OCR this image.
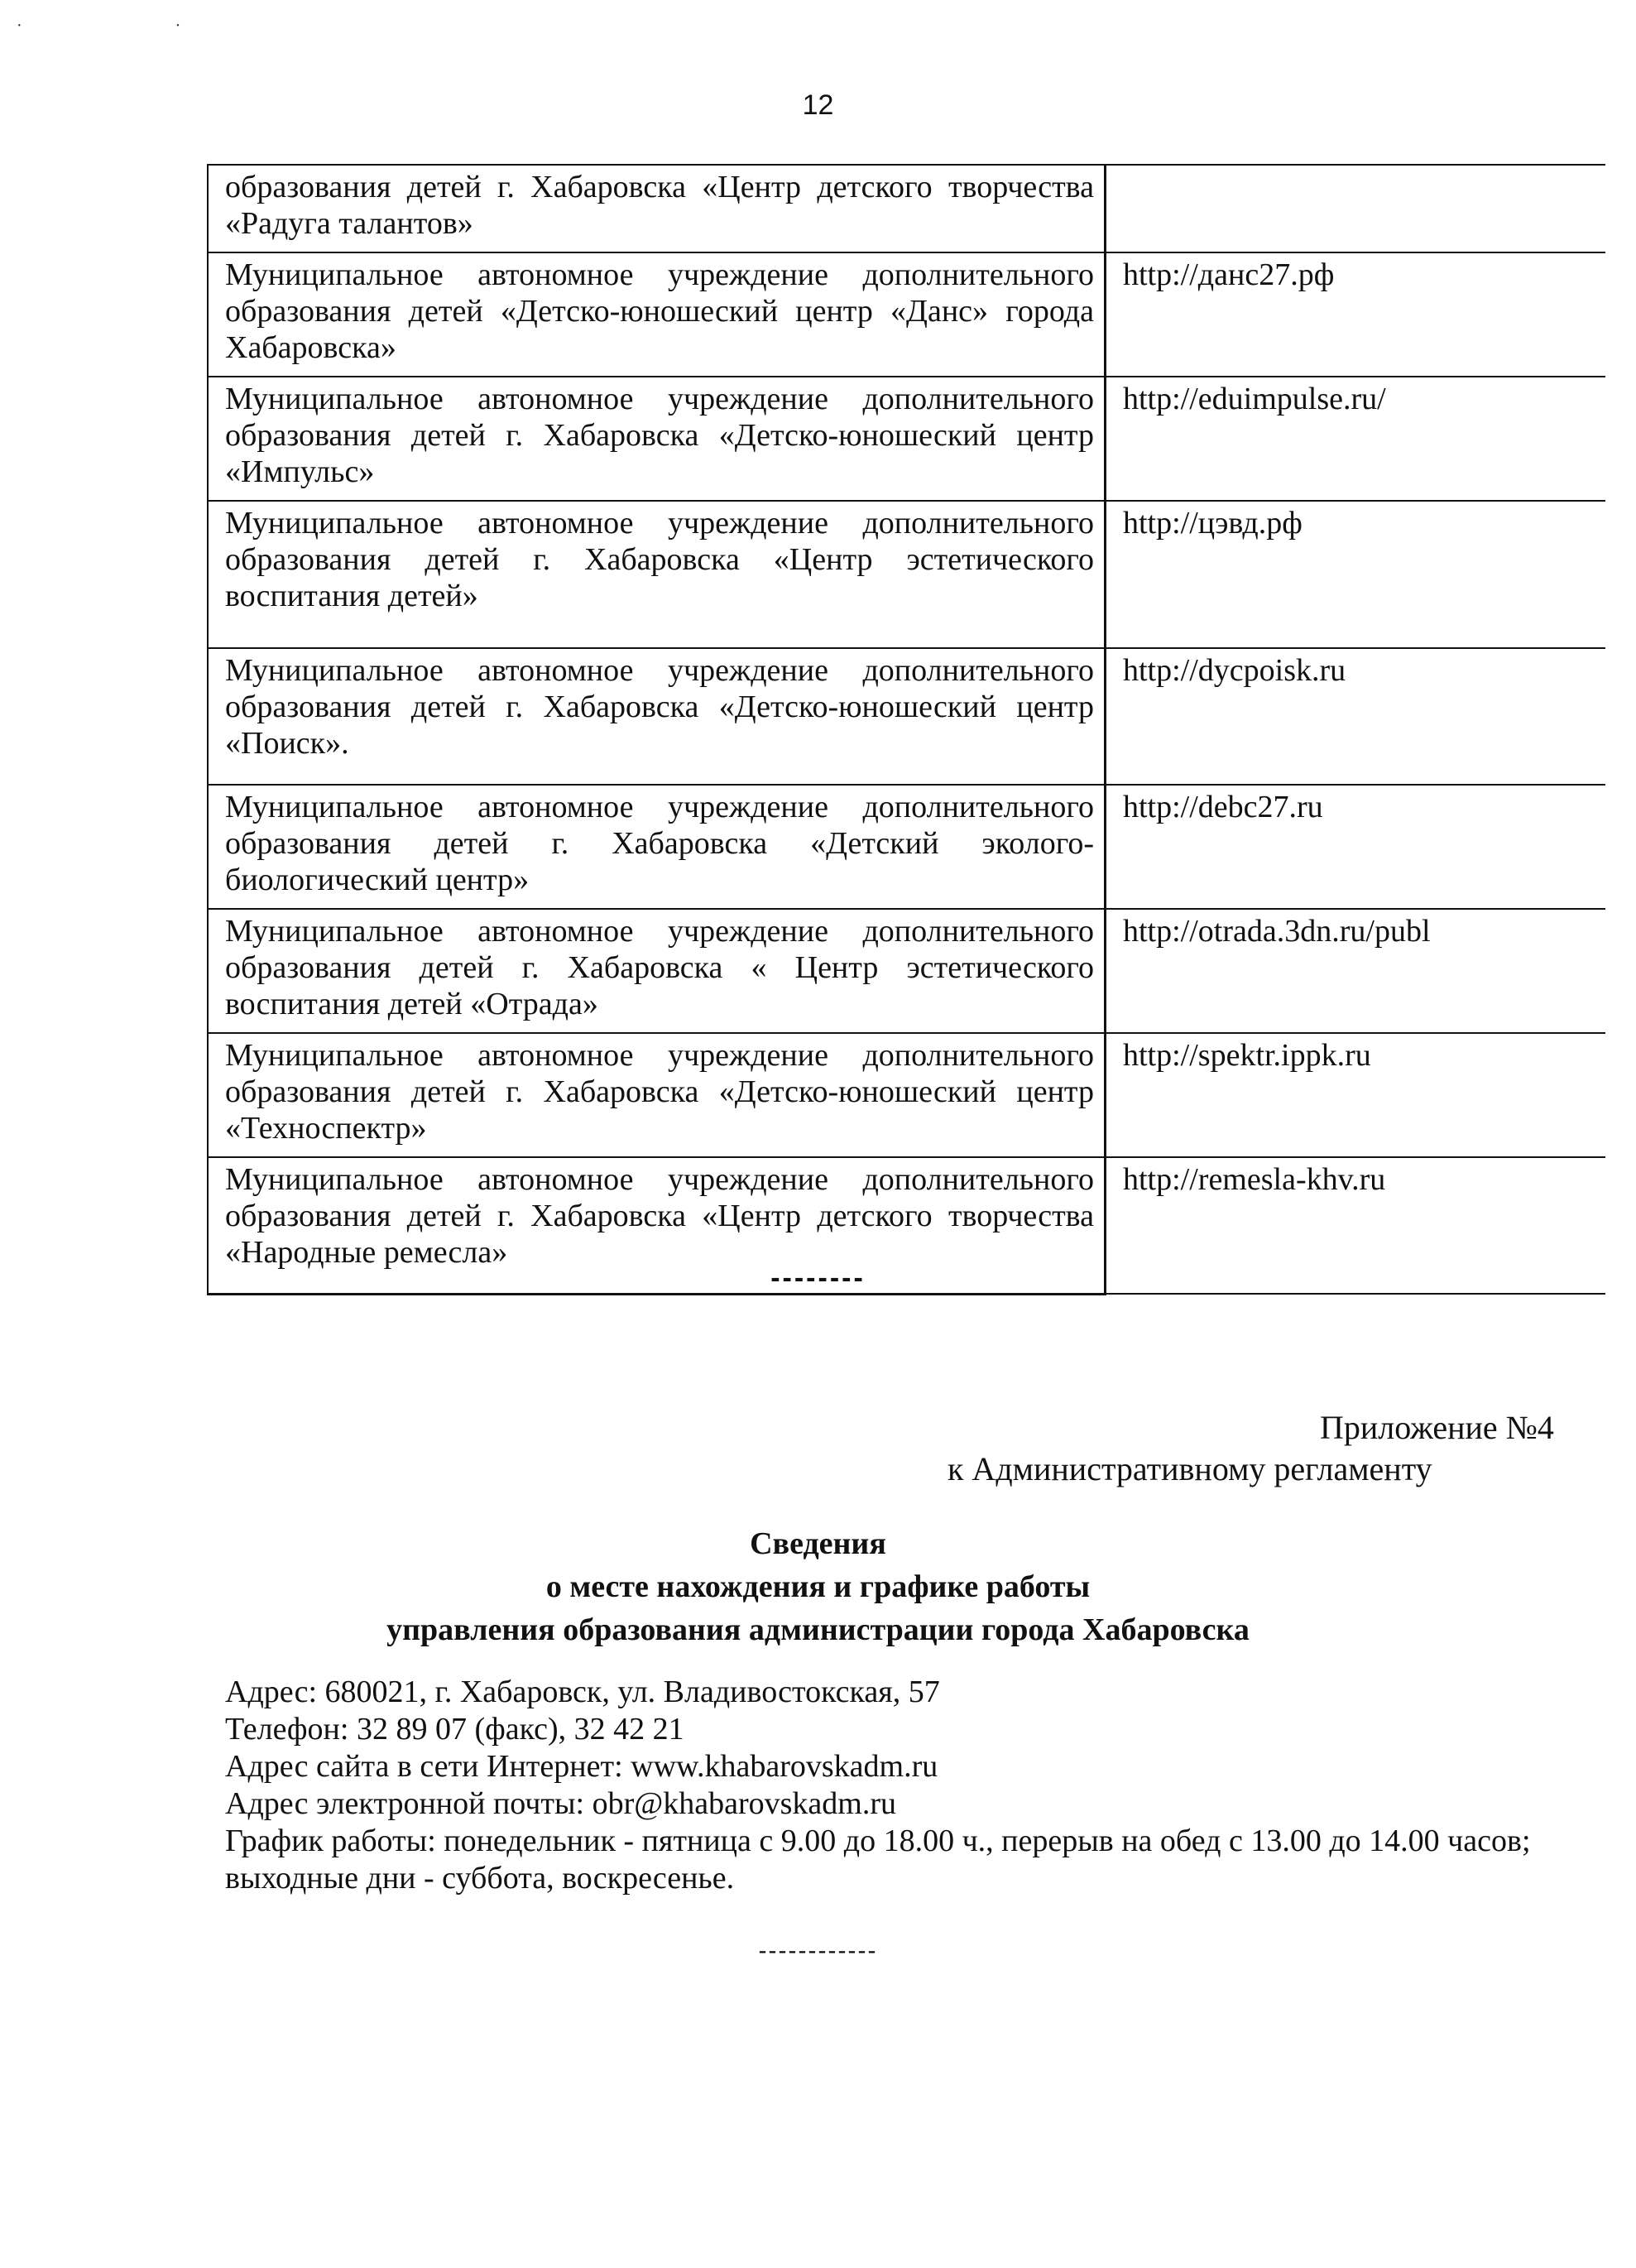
· ·
12
образования детей г. Хабаровска «Центр детского творчества «Радуга талантов»	
Муниципальное автономное учреждение дополнительного образования детей «Детско-юношеский центр «Данс» города Хабаровска»	http://данс27.рф
Муниципальное автономное учреждение дополнительного образования детей г. Хабаровска «Детско-юношеский центр «Импульс»	http://eduimpulse.ru/
Муниципальное автономное учреждение дополнительного образования детей г. Хабаровска «Центр эстетического воспитания детей»	http://цэвд.рф
Муниципальное автономное учреждение дополнительного образования детей г. Хабаровска «Детско-юношеский центр «Поиск».	http://dycpoisk.ru
Муниципальное автономное учреждение дополнительного образования детей г. Хабаровска «Детский эколого-биологический центр»	http://debc27.ru
Муниципальное автономное учреждение дополнительного образования детей г. Хабаровска « Центр эстетического воспитания детей «Отрада»	http://otrada.3dn.ru/publ
Муниципальное автономное учреждение дополнительного образования детей г. Хабаровска «Детско-юношеский центр «Техноспектр»	http://spektr.ippk.ru
Муниципальное автономное учреждение дополнительного образования детей г. Хабаровска «Центр детского творчества «Народные ремесла»	http://remesla-khv.ru
--------
Приложение №4
к Административному регламенту
Сведения
о месте нахождения и графике работы
управления образования администрации города Хабаровска

Адрес: 680021, г. Хабаровск, ул. Владивостокская, 57

Телефон: 32 89 07 (факс), 32 42 21

Адрес сайта в сети Интернет: www.khabarovskadm.ru

Адрес электронной почты: obr@khabarovskadm.ru

График работы: понедельник - пятница с 9.00 до 18.00 ч., перерыв на обед с 13.00 до 14.00 часов; выходные дни - суббота, воскресенье.

------------
